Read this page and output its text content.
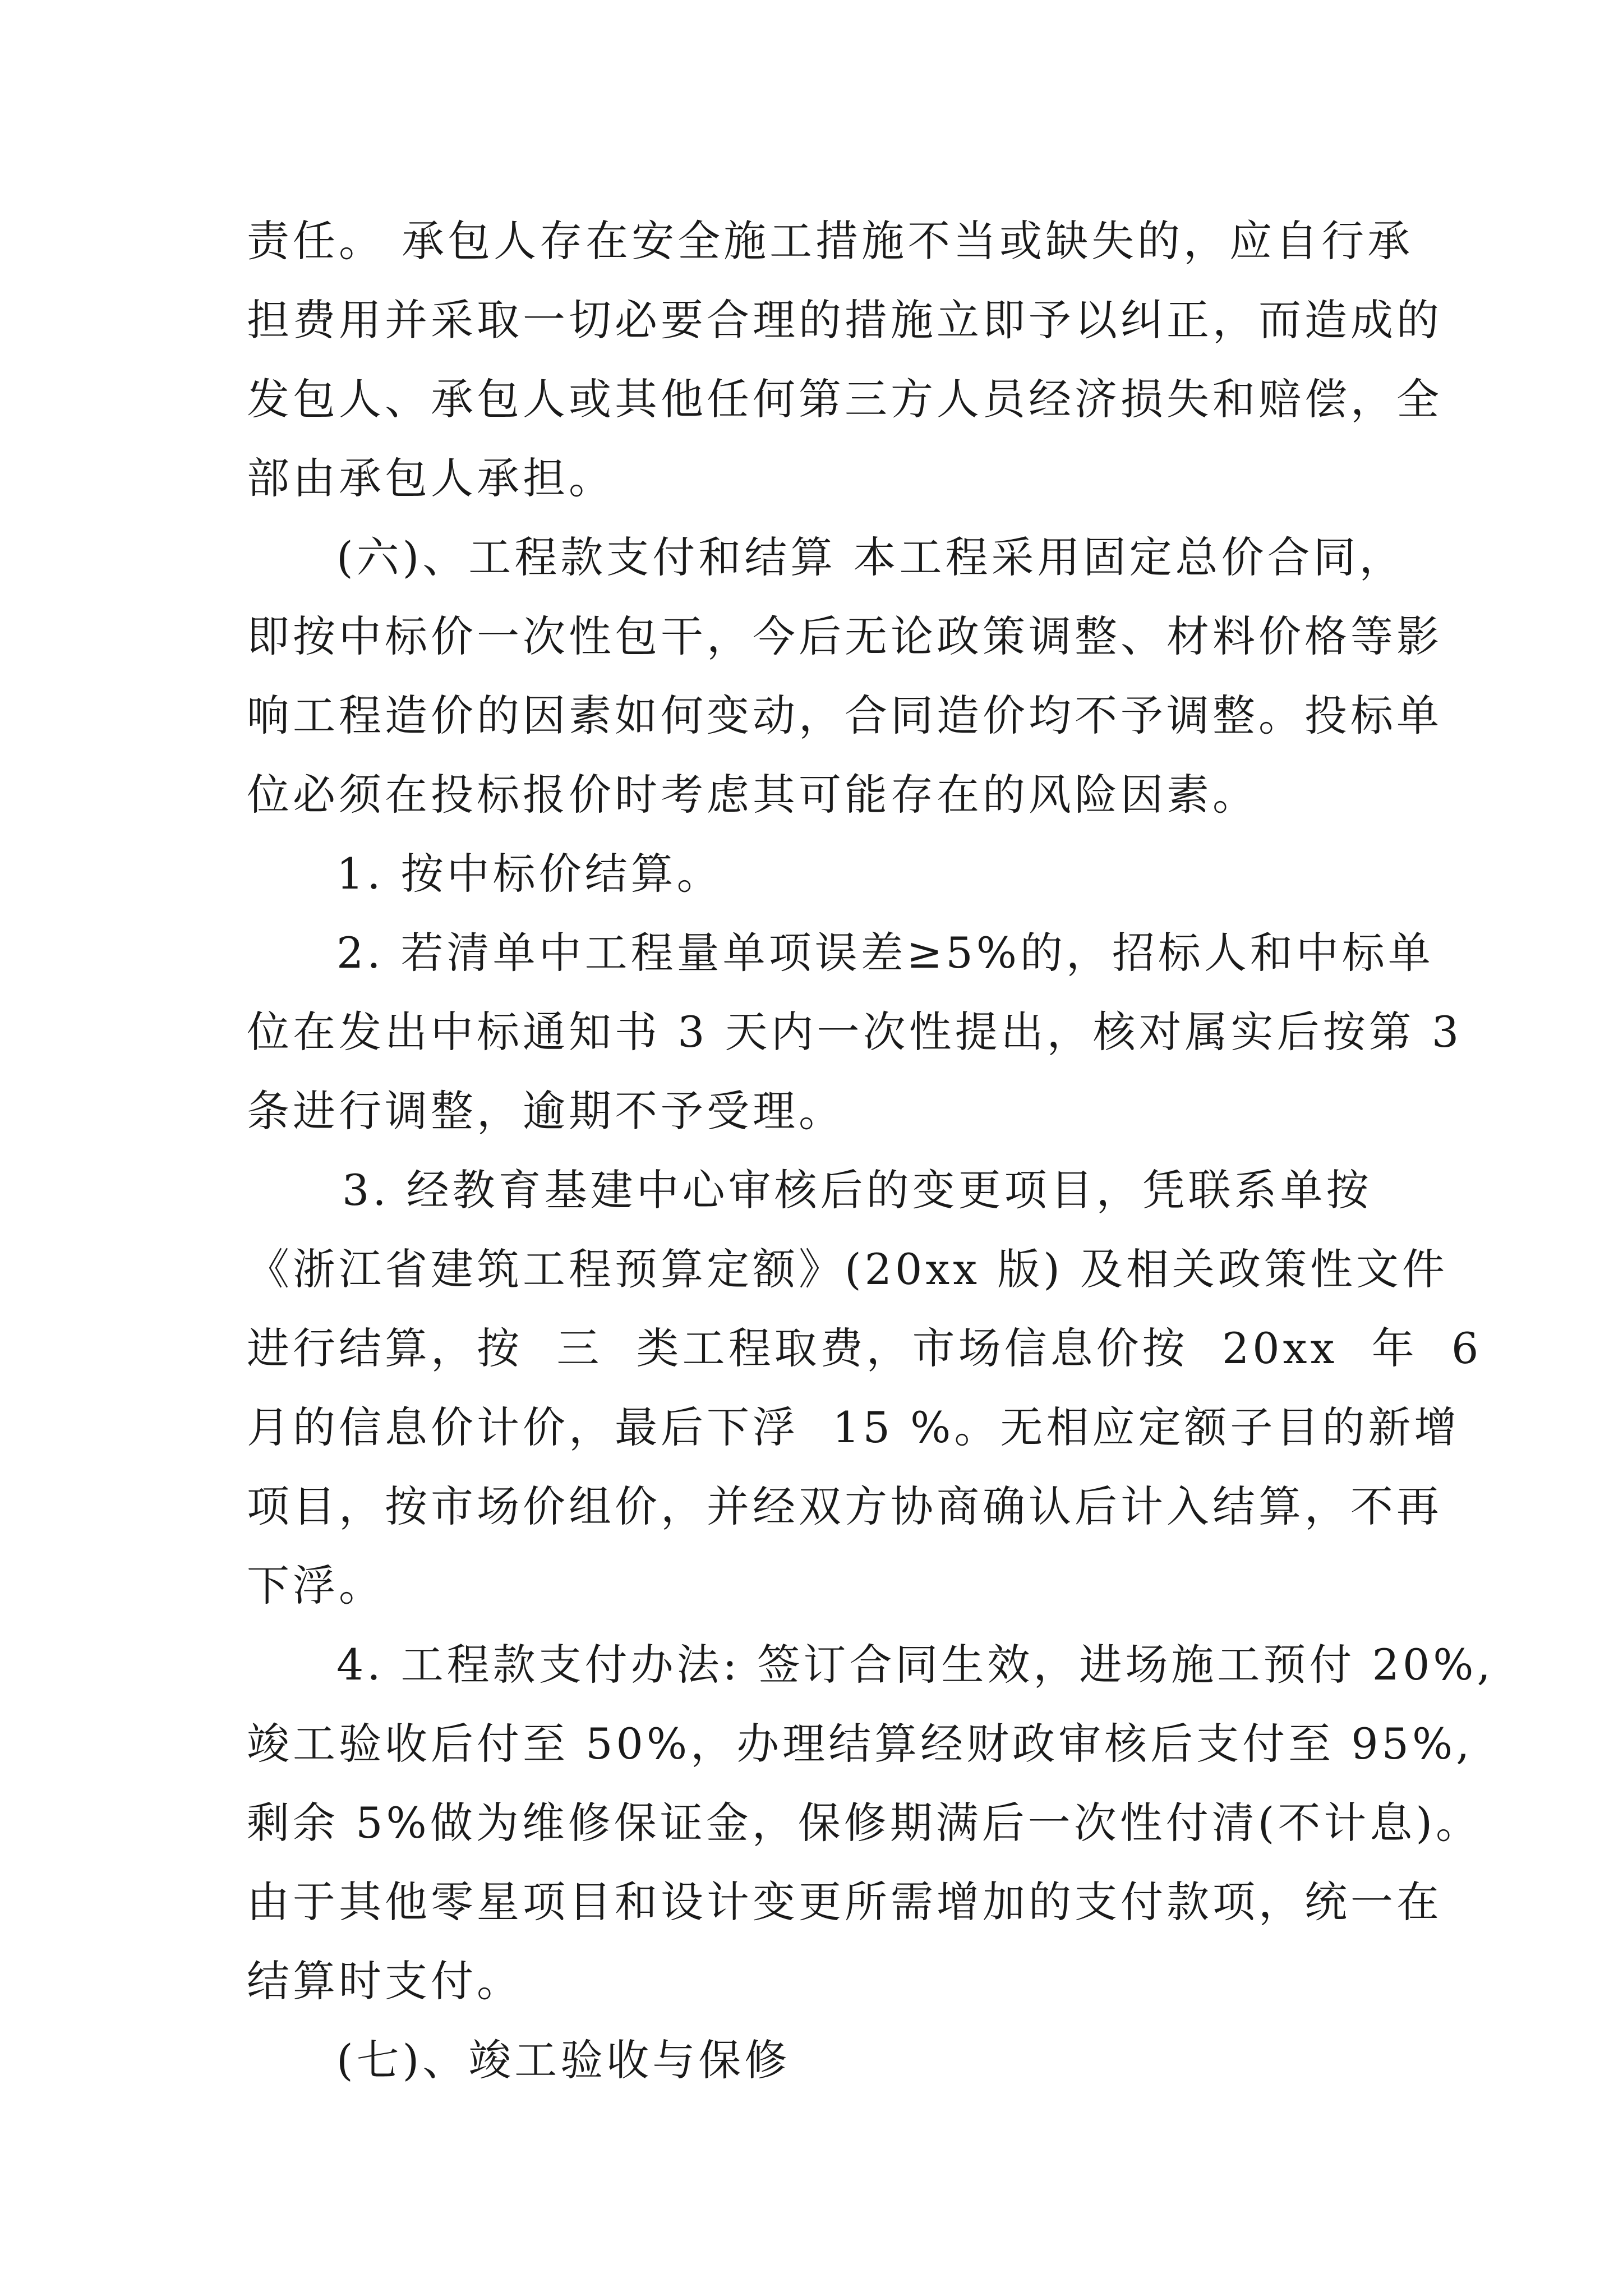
责任。 承包人存在安全施工措施不当或缺失的，应自行承
担费用并采取一切必要合理的措施立即予以纠正，而造成的
发包人、承包人或其他任何第三方人员经济损失和赔偿，全
部由承包人承担。
(六)、工程款支付和结算 本工程采用固定总价合同，
即按中标价一次性包干，今后无论政策调整、材料价格等影
响工程造价的因素如何变动，合同造价均不予调整。投标单
位必须在投标报价时考虑其可能存在的风险因素。
1. 按中标价结算。
2. 若清单中工程量单项误差≥5%的，招标人和中标单
位在发出中标通知书 3 天内一次性提出，核对属实后按第 3
条进行调整，逾期不予受理。
3. 经教育基建中心审核后的变更项目，凭联系单按
《浙江省建筑工程预算定额》(20xx 版) 及相关政策性文件
进行结算，按  三  类工程取费，市场信息价按  20xx  年  6
月的信息价计价，最后下浮  15 %。无相应定额子目的新增
项目，按市场价组价，并经双方协商确认后计入结算，不再
下浮。
4. 工程款支付办法: 签订合同生效，进场施工预付 20%,
竣工验收后付至 50%，办理结算经财政审核后支付至 95%,
剩余 5%做为维修保证金，保修期满后一次性付清(不计息)。
由于其他零星项目和设计变更所需增加的支付款项，统一在
结算时支付。
(七)、竣工验收与保修
